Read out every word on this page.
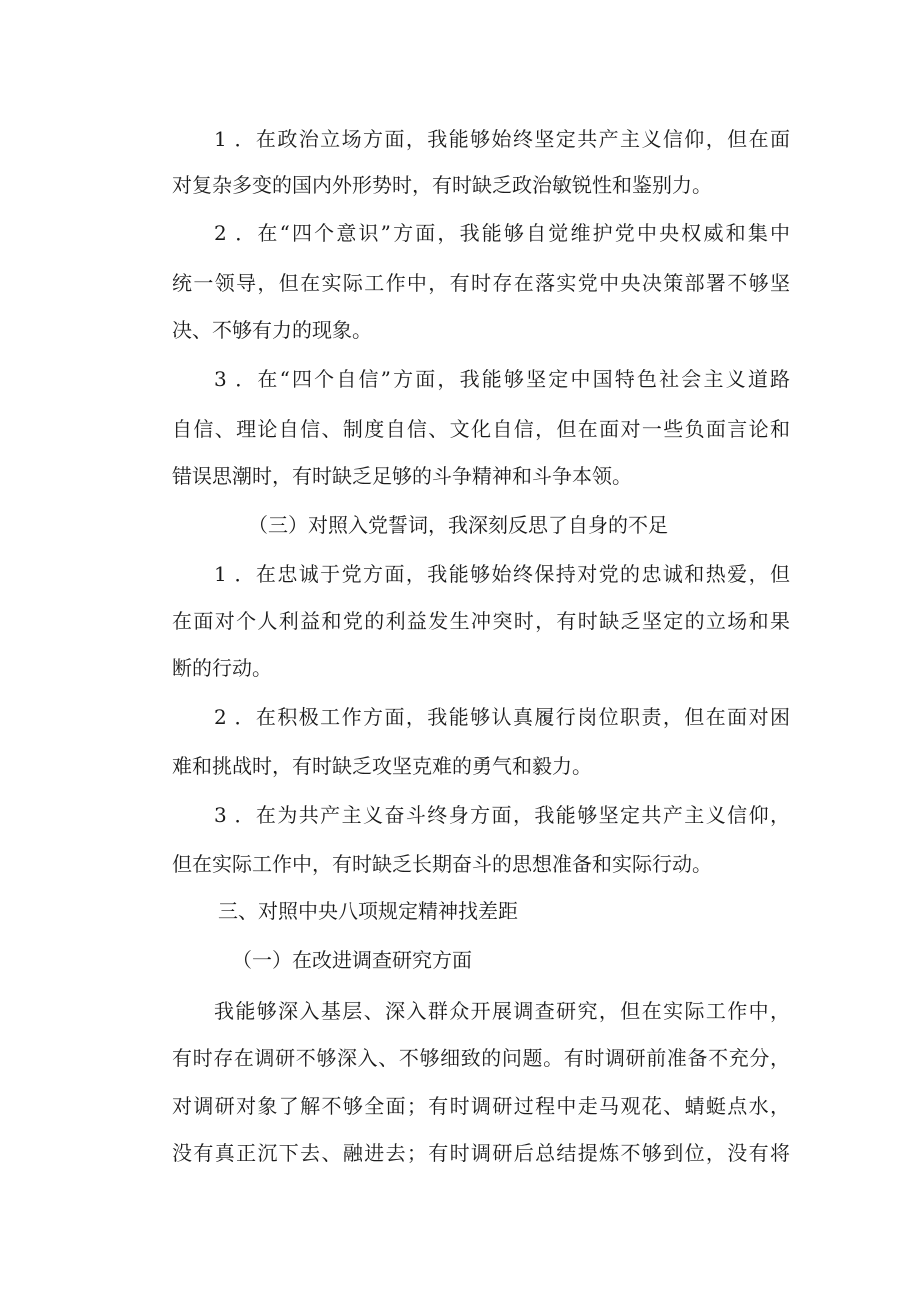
1 ．在政治立场方面，我能够始终坚定共产主义信仰，但在面
对复杂多变的国内外形势时，有时缺乏政治敏锐性和鉴别力。
2 ．在“四个意识”方面，我能够自觉维护党中央权威和集中
统一领导，但在实际工作中，有时存在落实党中央决策部署不够坚
决、不够有力的现象。
3 ．在“四个自信”方面，我能够坚定中国特色社会主义道路
自信、理论自信、制度自信、文化自信，但在面对一些负面言论和
错误思潮时，有时缺乏足够的斗争精神和斗争本领。
（三）对照入党誓词，我深刻反思了自身的不足
1 ．在忠诚于党方面，我能够始终保持对党的忠诚和热爱，但
在面对个人利益和党的利益发生冲突时，有时缺乏坚定的立场和果
断的行动。
2 ．在积极工作方面，我能够认真履行岗位职责，但在面对困
难和挑战时，有时缺乏攻坚克难的勇气和毅力。
3 ．在为共产主义奋斗终身方面，我能够坚定共产主义信仰，
但在实际工作中，有时缺乏长期奋斗的思想准备和实际行动。
三、对照中央八项规定精神找差距
（一）在改进调查研究方面
我能够深入基层、深入群众开展调查研究，但在实际工作中，
有时存在调研不够深入、不够细致的问题。有时调研前准备不充分，
对调研对象了解不够全面；有时调研过程中走马观花、蜻蜓点水，
没有真正沉下去、融进去；有时调研后总结提炼不够到位，没有将
